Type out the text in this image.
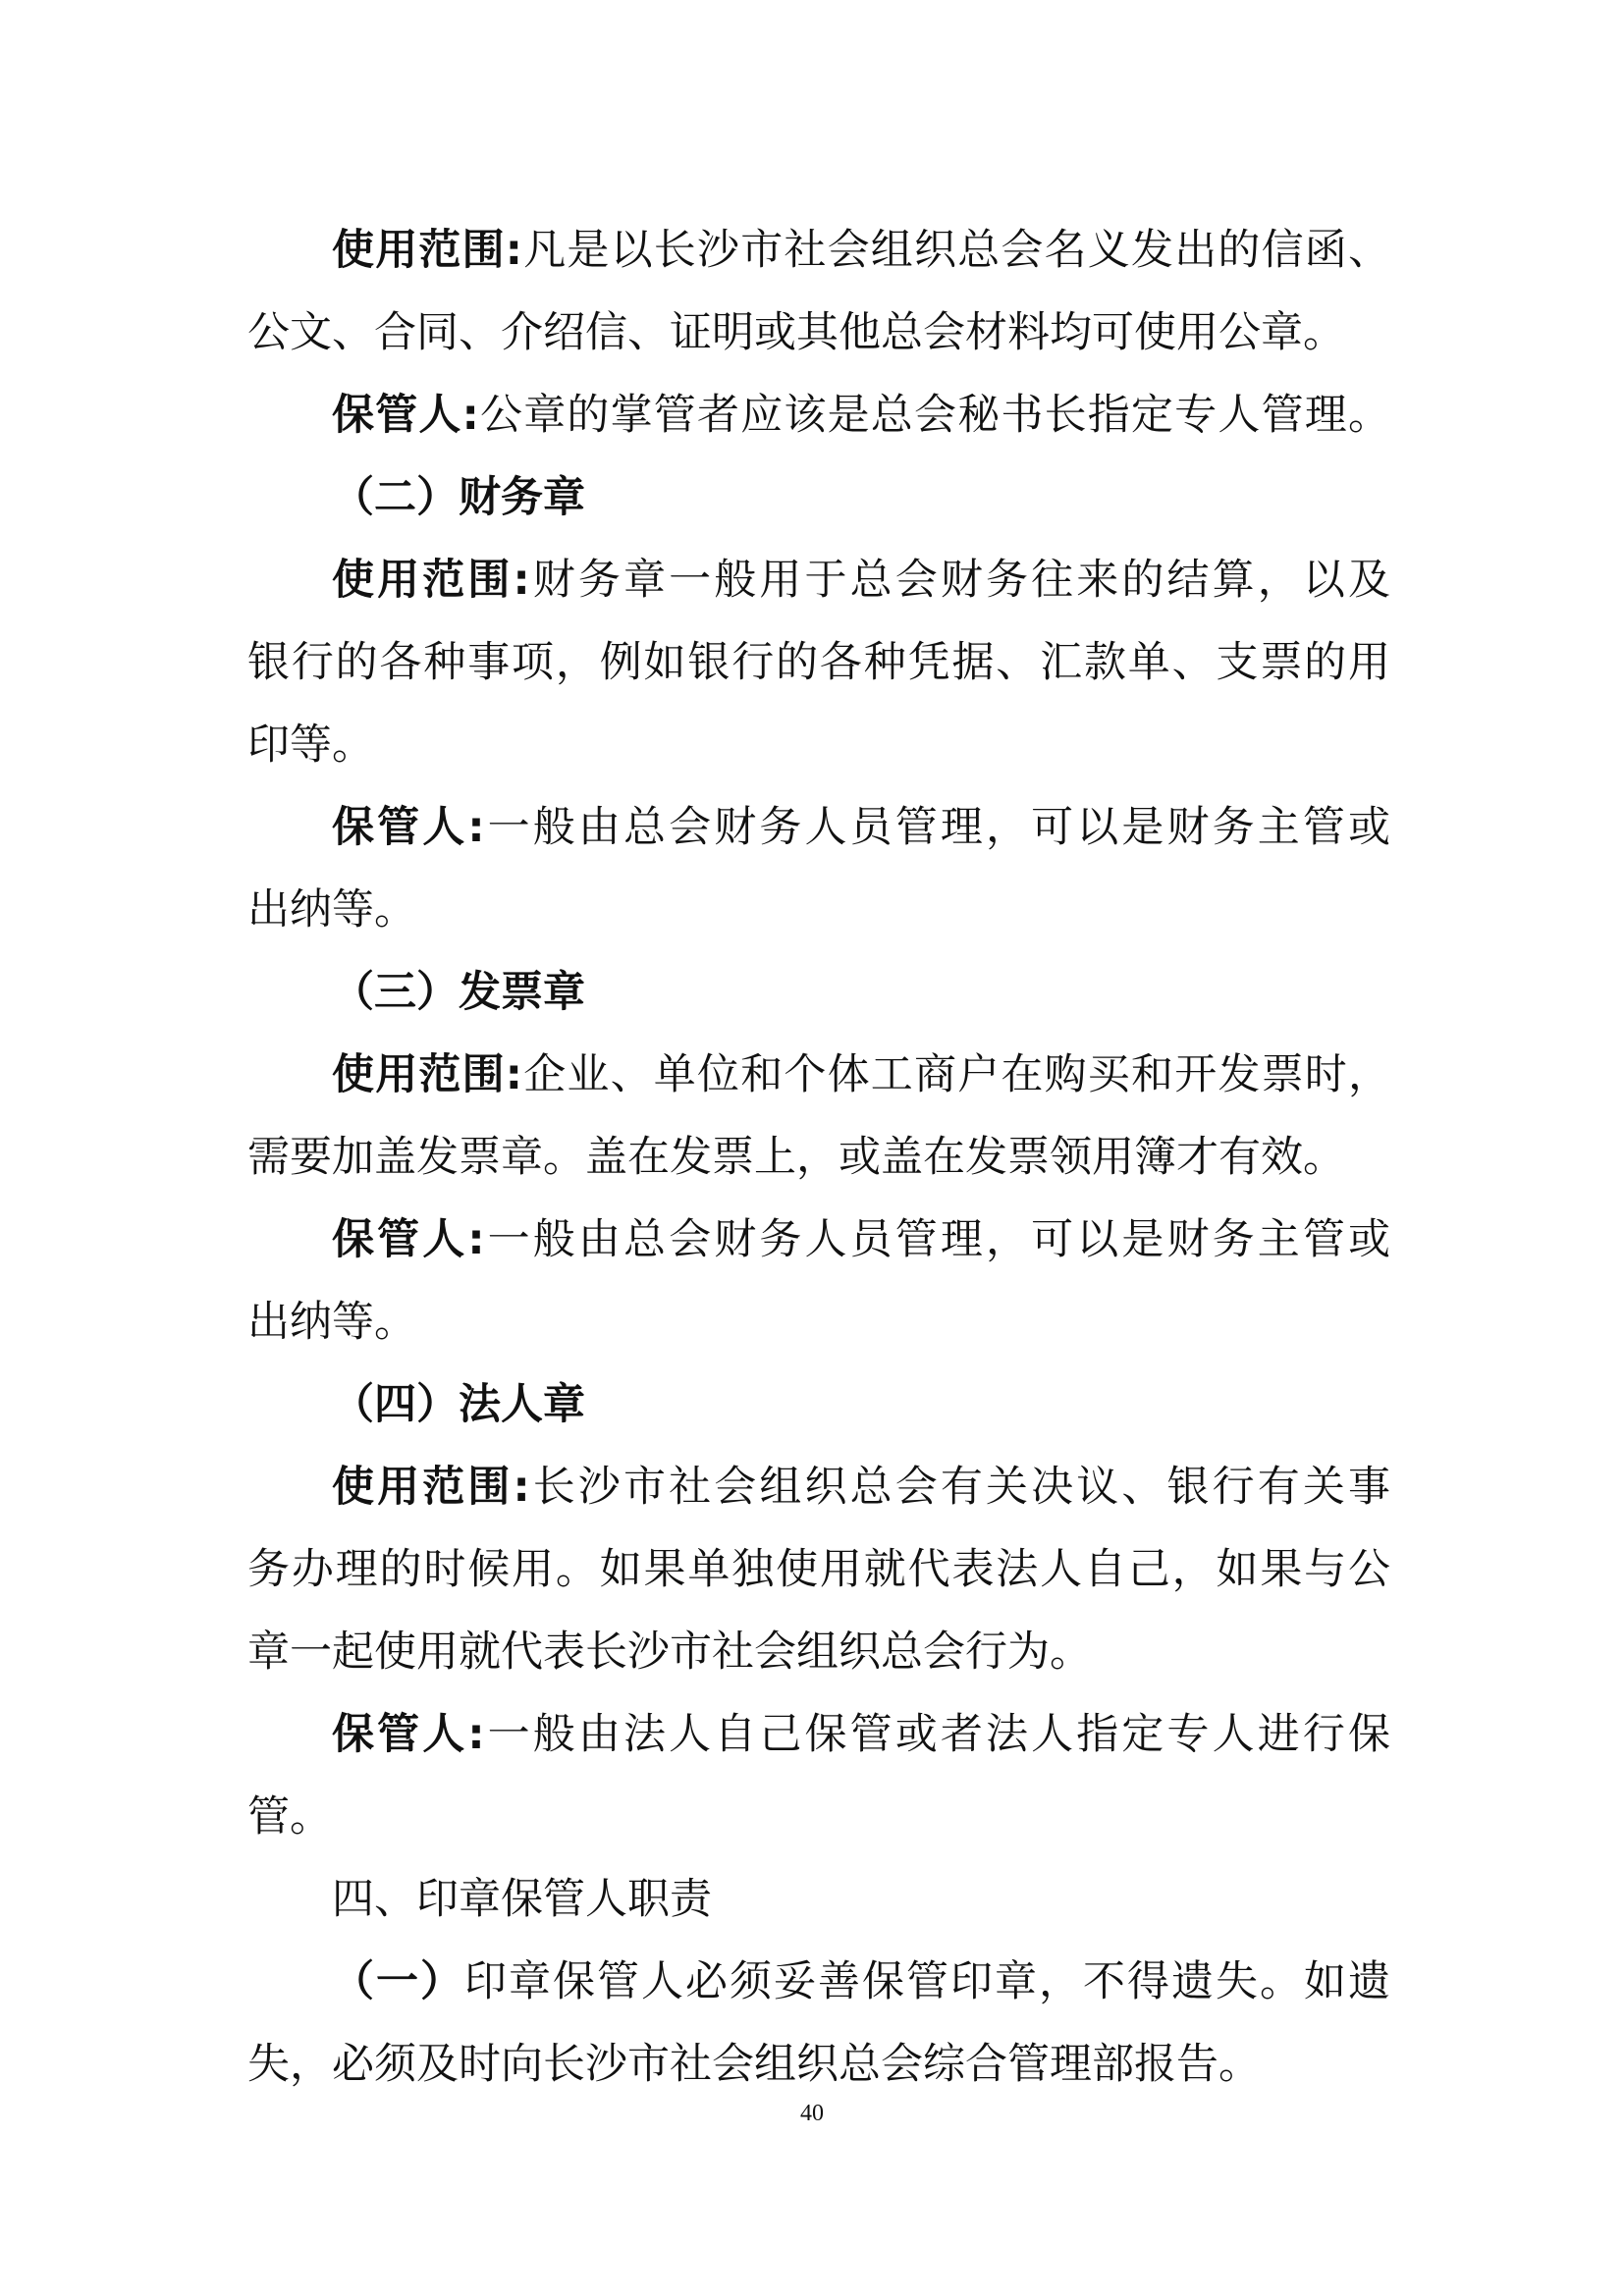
使用范围:凡是以长沙市社会组织总会名义发出的信函、
公文、合同、介绍信、证明或其他总会材料均可使用公章。
保管人:公章的掌管者应该是总会秘书长指定专人管理。
（二）财务章
使用范围:财务章一般用于总会财务往来的结算，以及
银行的各种事项，例如银行的各种凭据、汇款单、支票的用
印等。
保管人:一般由总会财务人员管理，可以是财务主管或
出纳等。
（三）发票章
使用范围:企业、单位和个体工商户在购买和开发票时，
需要加盖发票章。盖在发票上，或盖在发票领用簿才有效。
保管人:一般由总会财务人员管理，可以是财务主管或
出纳等。
（四）法人章
使用范围:长沙市社会组织总会有关决议、银行有关事
务办理的时候用。如果单独使用就代表法人自己，如果与公
章一起使用就代表长沙市社会组织总会行为。
保管人:一般由法人自己保管或者法人指定专人进行保
管。
四、印章保管人职责
（一）印章保管人必须妥善保管印章，不得遗失。如遗
失，必须及时向长沙市社会组织总会综合管理部报告。
40
